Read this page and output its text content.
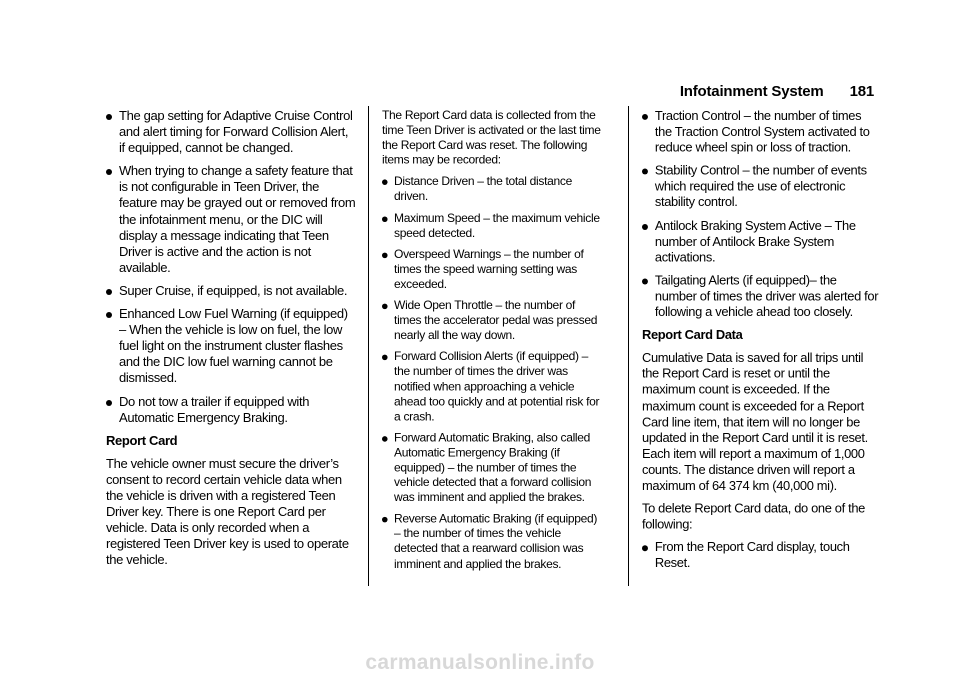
Infotainment System 181
The gap setting for Adaptive Cruise Control and alert timing for Forward Collision Alert, if equipped, cannot be changed.
When trying to change a safety feature that is not configurable in Teen Driver, the feature may be grayed out or removed from the infotainment menu, or the DIC will display a message indicating that Teen Driver is active and the action is not available.
Super Cruise, if equipped, is not available.
Enhanced Low Fuel Warning (if equipped) – When the vehicle is low on fuel, the low fuel light on the instrument cluster flashes and the DIC low fuel warning cannot be dismissed.
Do not tow a trailer if equipped with Automatic Emergency Braking.
Report Card
The vehicle owner must secure the driver’s consent to record certain vehicle data when the vehicle is driven with a registered Teen Driver key. There is one Report Card per vehicle. Data is only recorded when a registered Teen Driver key is used to operate the vehicle.
The Report Card data is collected from the time Teen Driver is activated or the last time the Report Card was reset. The following items may be recorded:
Distance Driven – the total distance driven.
Maximum Speed – the maximum vehicle speed detected.
Overspeed Warnings – the number of times the speed warning setting was exceeded.
Wide Open Throttle – the number of times the accelerator pedal was pressed nearly all the way down.
Forward Collision Alerts (if equipped) – the number of times the driver was notified when approaching a vehicle ahead too quickly and at potential risk for a crash.
Forward Automatic Braking, also called Automatic Emergency Braking (if equipped) – the number of times the vehicle detected that a forward collision was imminent and applied the brakes.
Reverse Automatic Braking (if equipped) – the number of times the vehicle detected that a rearward collision was imminent and applied the brakes.
Traction Control – the number of times the Traction Control System activated to reduce wheel spin or loss of traction.
Stability Control – the number of events which required the use of electronic stability control.
Antilock Braking System Active – The number of Antilock Brake System activations.
Tailgating Alerts (if equipped)– the number of times the driver was alerted for following a vehicle ahead too closely.
Report Card Data
Cumulative Data is saved for all trips until the Report Card is reset or until the maximum count is exceeded. If the maximum count is exceeded for a Report Card line item, that item will no longer be updated in the Report Card until it is reset. Each item will report a maximum of 1,000 counts. The distance driven will report a maximum of 64 374 km (40,000 mi).
To delete Report Card data, do one of the following:
From the Report Card display, touch Reset.
carmanualsonline.info
